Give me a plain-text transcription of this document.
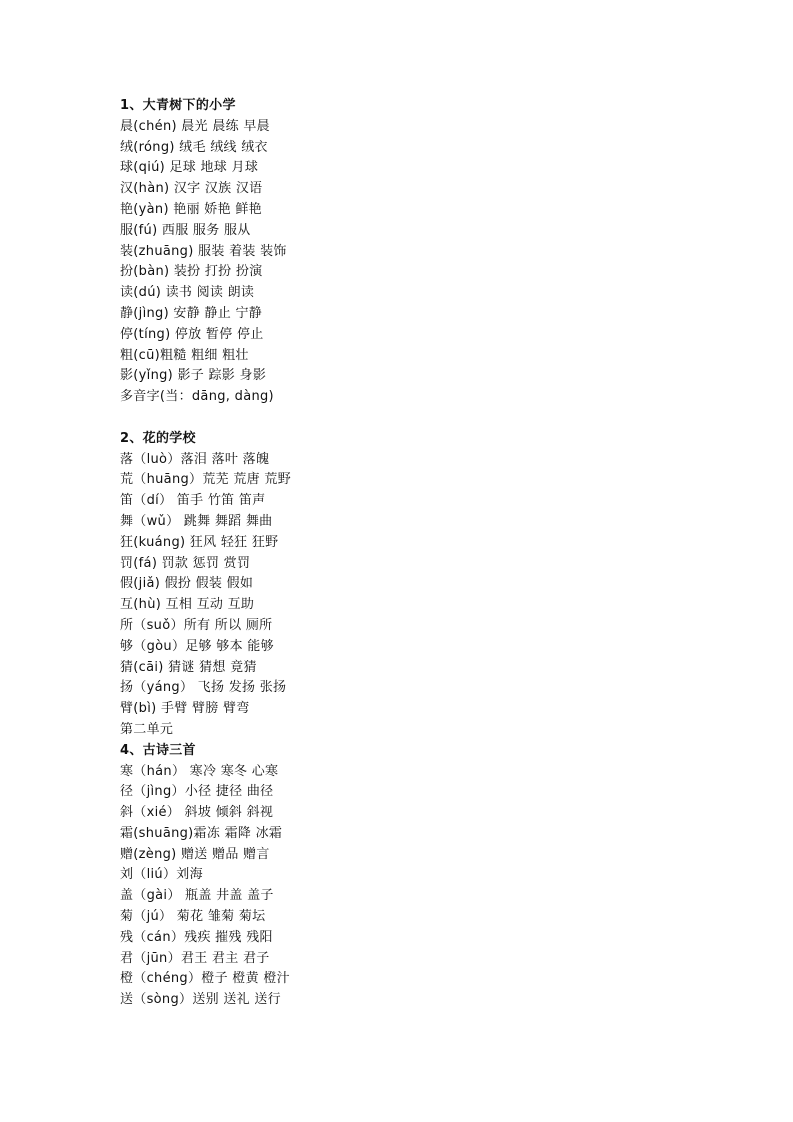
1、大青树下的小学
晨(chén) 晨光 晨练 早晨
绒(róng) 绒毛 绒线 绒衣
球(qiú) 足球 地球 月球
汉(hàn) 汉字 汉族 汉语
艳(yàn) 艳丽 娇艳 鲜艳
服(fú) 西服 服务 服从
装(zhuāng) 服装 着装 装饰
扮(bàn) 装扮 打扮 扮演
读(dú) 读书 阅读 朗读
静(jìng) 安静 静止 宁静
停(tíng) 停放 暂停 停止
粗(cū)粗糙 粗细 粗壮
影(yǐng) 影子 踪影 身影
多音字(当：dāng, dàng)
2、花的学校
落（luò）落泪 落叶 落魄
荒（huāng）荒芜 荒唐 荒野
笛（dí） 笛手 竹笛 笛声
舞（wǔ） 跳舞 舞蹈 舞曲
狂(kuáng) 狂风 轻狂 狂野
罚(fá) 罚款 惩罚 赏罚
假(jiǎ) 假扮 假装 假如
互(hù) 互相 互动 互助
所（suǒ）所有 所以 厕所
够（gòu）足够 够本 能够
猜(cāi) 猜谜 猜想 竟猜
扬（yáng） 飞扬 发扬 张扬
臂(bì) 手臂 臂膀 臂弯
第二单元
4、古诗三首
寒（hán） 寒冷 寒冬 心寒
径（jìng）小径 捷径 曲径
斜（xié） 斜坡 倾斜 斜视
霜(shuāng)霜冻 霜降 冰霜
赠(zèng) 赠送 赠品 赠言
刘（liú）刘海
盖（gài） 瓶盖 井盖 盖子
菊（jú） 菊花 雏菊 菊坛
残（cán）残疾 摧残 残阳
君（jūn）君王 君主 君子
橙（chéng）橙子 橙黄 橙汁
送（sòng）送别 送礼 送行
